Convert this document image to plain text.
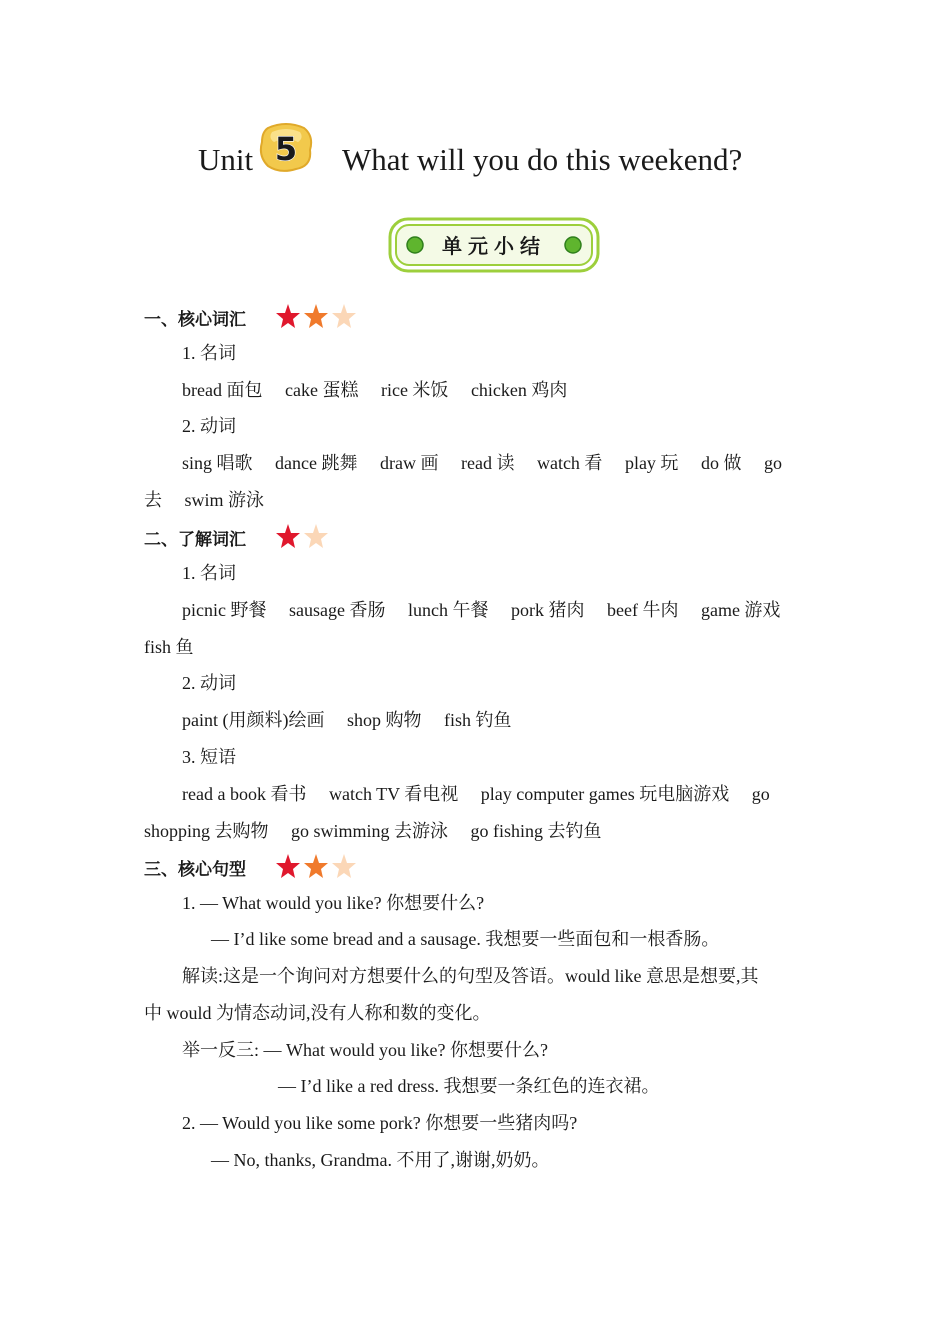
Unit 5 What will you do this weekend?
单元小结
一、核心词汇
1. 名词
bread 面包 cake 蛋糕 rice 米饭 chicken 鸡肉
2. 动词
sing 唱歌 dance 跳舞 draw 画 read 读 watch 看 play 玩 do 做 go
去 swim 游泳
二、了解词汇
1. 名词
picnic 野餐 sausage 香肠 lunch 午餐 pork 猪肉 beef 牛肉 game 游戏
fish 鱼
2. 动词
paint (用颜料)绘画 shop 购物 fish 钓鱼
3. 短语
read a book 看书 watch TV 看电视 play computer games 玩电脑游戏 go
shopping 去购物 go swimming 去游泳 go fishing 去钓鱼
三、核心句型
1. — What would you like? 你想要什么?
— I’d like some bread and a sausage. 我想要一些面包和一根香肠。
解读:这是一个询问对方想要什么的句型及答语。would like 意思是想要,其
中 would 为情态动词,没有人称和数的变化。
举一反三: — What would you like? 你想要什么?
— I’d like a red dress. 我想要一条红色的连衣裙。
2. — Would you like some pork? 你想要一些猪肉吗?
— No, thanks, Grandma. 不用了,谢谢,奶奶。
